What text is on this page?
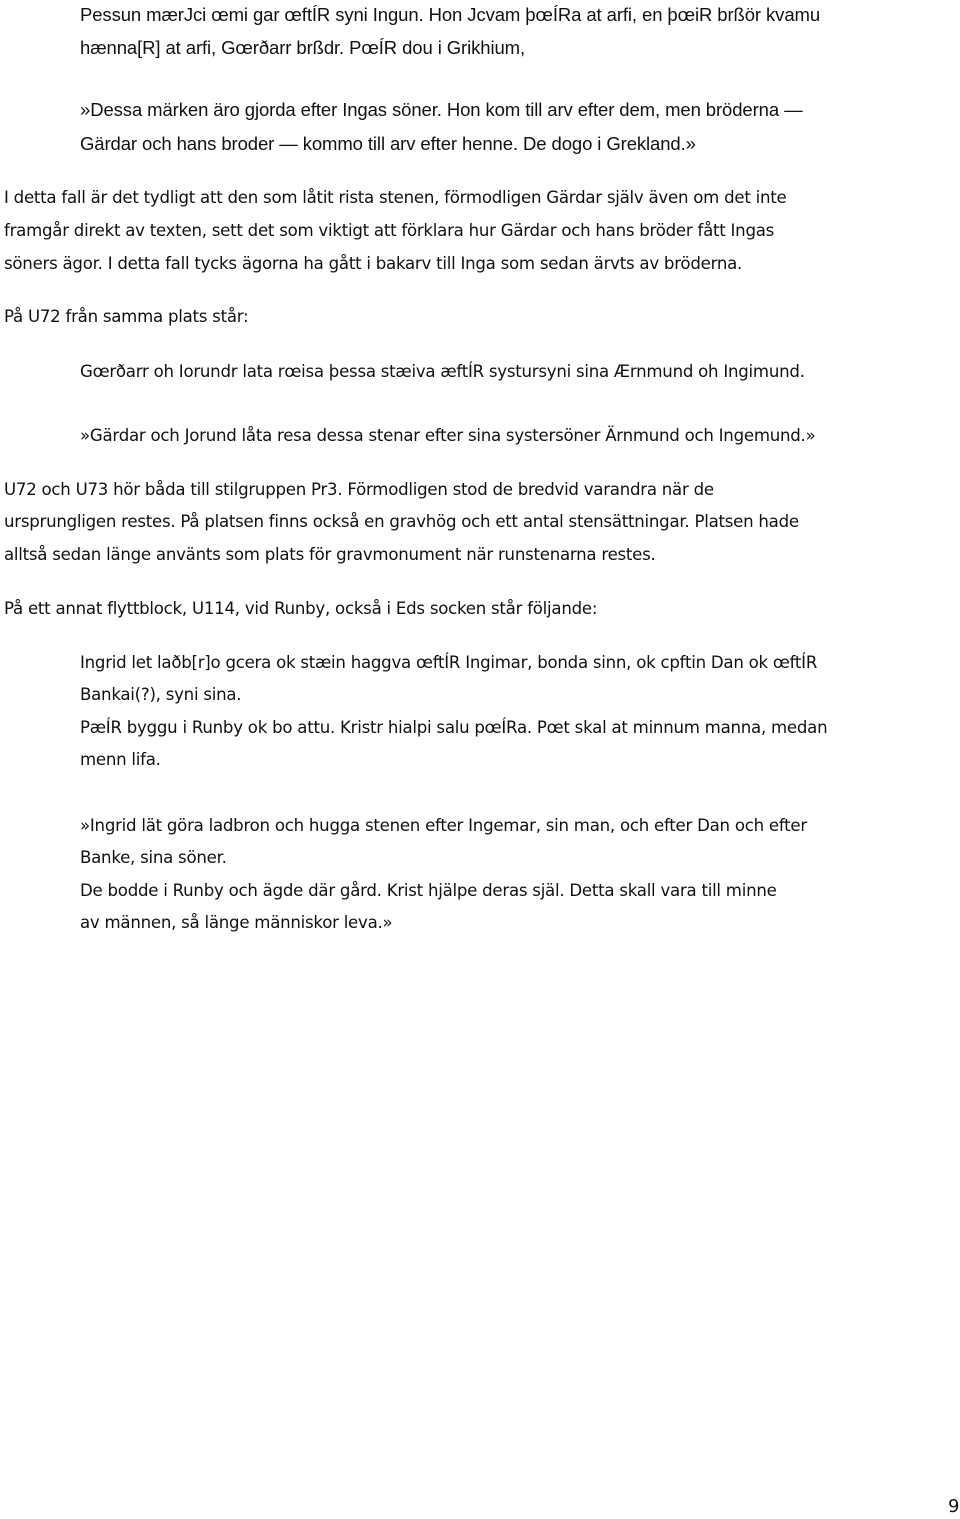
Pessun mærJci œmi gar œftÍR syni Ingun. Hon Jcvam þœÍRa at arfi, en þœiR brßör kvamu
hænna[R] at arfi, Gœrðarr brßdr. PœÍR dou i Grikhium,
»Dessa märken äro gjorda efter Ingas söner. Hon kom till arv efter dem, men bröderna —
Gärdar och hans broder — kommo till arv efter henne. De dogo i Grekland.»
I detta fall är det tydligt att den som låtit rista stenen, förmodligen Gärdar själv även om det inte
framgår direkt av texten, sett det som viktigt att förklara hur Gärdar och hans bröder fått Ingas
söners ägor. I detta fall tycks ägorna ha gått i bakarv till Inga som sedan ärvts av bröderna.
På U72 från samma plats står:
Gœrðarr oh Iorundr lata rœisa þessa stæiva æftÍR systursyni sina Ærnmund oh Ingimund.
»Gärdar och Jorund låta resa dessa stenar efter sina systersöner Ärnmund och Ingemund.»
U72 och U73 hör båda till stilgruppen Pr3. Förmodligen stod de bredvid varandra när de
ursprungligen restes. På platsen finns också en gravhög och ett antal stensättningar. Platsen hade
alltså sedan länge använts som plats för gravmonument när runstenarna restes.
På ett annat flyttblock, U114, vid Runby, också i Eds socken står följande:
Ingrid let laðb[r]o gcera ok stæin haggva œftÍR Ingimar, bonda sinn, ok cpftin Dan ok œftÍR
Bankai(?), syni sina.
PæÍR byggu i Runby ok bo attu. Kristr hialpi salu pœÍRa. Pœt skal at minnum manna, medan
menn lifa.
»Ingrid lät göra ladbron och hugga stenen efter Ingemar, sin man, och efter Dan och efter
Banke, sina söner.
De bodde i Runby och ägde där gård. Krist hjälpe deras själ. Detta skall vara till minne
av männen, så länge människor leva.»
9
